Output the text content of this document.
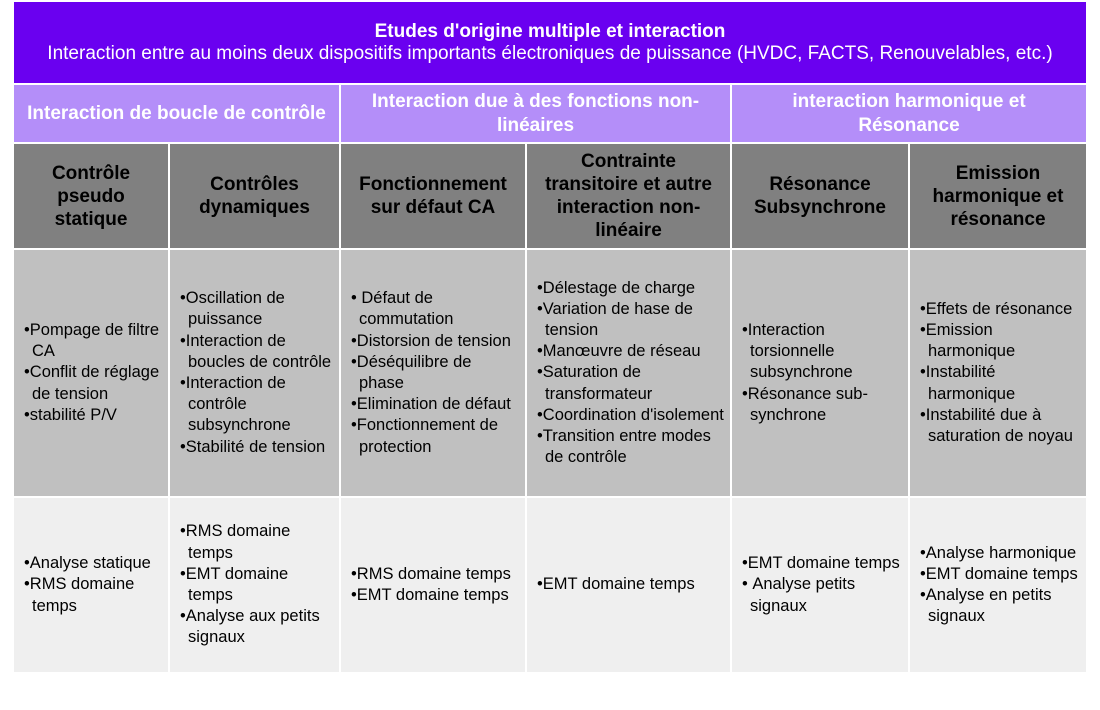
Etudes d'origine multiple et interaction
Interaction entre au moins deux dispositifs importants électroniques de puissance (HVDC, FACTS, Renouvelables, etc.)
Interaction de boucle de contrôle
Interaction due à des fonctions non-linéaires
interaction harmonique et Résonance
Contrôle pseudo statique
Contrôles dynamiques
Fonctionnement sur défaut CA
Contrainte transitoire et autre interaction non-linéaire
Résonance Subsynchrone
Emission harmonique et résonance
• Pompage de filtre CA
• Conflit de réglage de tension
• stabilité P/V
• Oscillation de puissance
• Interaction de boucles de contrôle
• Interaction de contrôle subsynchrone
• Stabilité de tension
• Défaut de commutation
• Distorsion de tension
• Déséquilibre de phase
• Elimination de défaut
• Fonctionnement de protection
• Délestage de charge
• Variation de hase de tension
• Manœuvre de réseau
• Saturation de transformateur
• Coordination d'isolement
• Transition entre modes de contrôle
• Interaction torsionnelle subsynchrone
• Résonance sub-synchrone
• Effets de résonance
• Emission harmonique
• Instabilité harmonique
• Instabilité due à saturation de noyau
• Analyse statique
• RMS domaine temps
• RMS domaine temps
• EMT domaine temps
• Analyse aux petits signaux
• RMS domaine temps
• EMT domaine temps
• EMT domaine temps
• EMT domaine temps
• Analyse petits signaux
• Analyse harmonique
• EMT domaine temps
• Analyse en petits signaux
